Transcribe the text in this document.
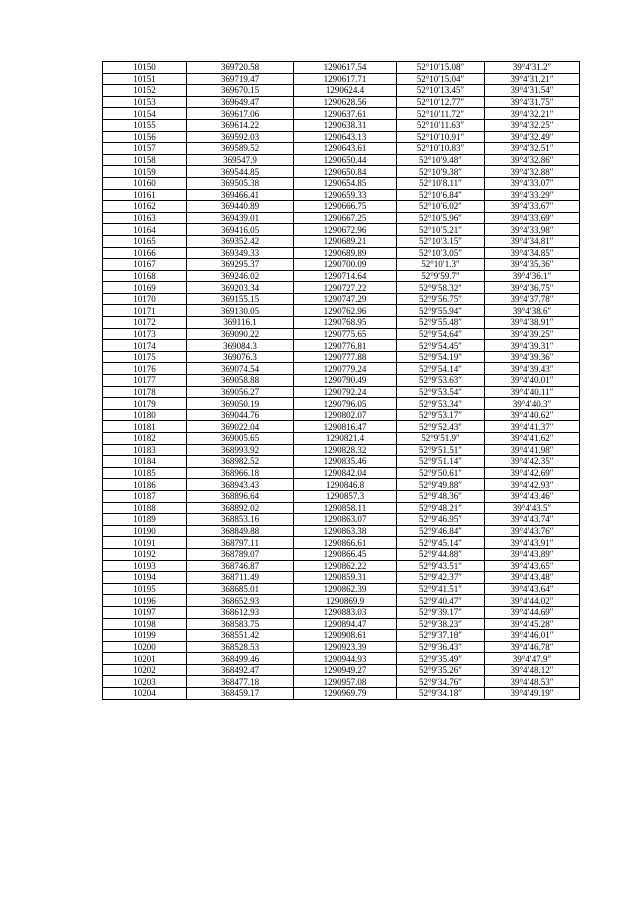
10150	369720.58	1290617.54	52°10′15.08″	39°4′31.2″
10151	369719.47	1290617.71	52°10′15.04″	39°4′31.21″
10152	369670.15	1290624.4	52°10′13.45″	39°4′31.54″
10153	369649.47	1290628.56	52°10′12.77″	39°4′31.75″
10154	369617.06	1290637.61	52°10′11.72″	39°4′32.21″
10155	369614.22	1290638.31	52°10′11.63″	39°4′32.25″
10156	369592.03	1290643.13	52°10′10.91″	39°4′32.49″
10157	369589.52	1290643.61	52°10′10.83″	39°4′32.51″
10158	369547.9	1290650.44	52°10′9.48″	39°4′32.86″
10159	369544.85	1290650.84	52°10′9.38″	39°4′32.88″
10160	369505.38	1290654.85	52°10′8.11″	39°4′33.07″
10161	369466.41	1290659.33	52°10′6.84″	39°4′33.29″
10162	369440.89	1290666.75	52°10′6.02″	39°4′33.67″
10163	369439.01	1290667.25	52°10′5.96″	39°4′33.69″
10164	369416.05	1290672.96	52°10′5.21″	39°4′33.98″
10165	369352.42	1290689.21	52°10′3.15″	39°4′34.81″
10166	369349.33	1290689.89	52°10′3.05″	39°4′34.85″
10167	369295.37	1290700.09	52°10′1.3″	39°4′35.36″
10168	369246.02	1290714.64	52°9′59.7″	39°4′36.1″
10169	369203.34	1290727.22	52°9′58.32″	39°4′36.75″
10170	369155.15	1290747.29	52°9′56.75″	39°4′37.78″
10171	369130.05	1290762.96	52°9′55.94″	39°4′38.6″
10172	369116.1	1290768.95	52°9′55.48″	39°4′38.91″
10173	369090.22	1290775.65	52°9′54.64″	39°4′39.25″
10174	369084.3	1290776.81	52°9′54.45″	39°4′39.31″
10175	369076.3	1290777.88	52°9′54.19″	39°4′39.36″
10176	369074.54	1290779.24	52°9′54.14″	39°4′39.43″
10177	369058.88	1290790.49	52°9′53.63″	39°4′40.01″
10178	369056.27	1290792.24	52°9′53.54″	39°4′40.11″
10179	369050.19	1290796.05	52°9′53.34″	39°4′40.3″
10180	369044.76	1290802.07	52°9′53.17″	39°4′40.62″
10181	369022.04	1290816.47	52°9′52.43″	39°4′41.37″
10182	369005.65	1290821.4	52°9′51.9″	39°4′41.62″
10183	368993.92	1290828.32	52°9′51.51″	39°4′41.98″
10184	368982.52	1290835.46	52°9′51.14″	39°4′42.35″
10185	368966.18	1290842.04	52°9′50.61″	39°4′42.69″
10186	368943.43	1290846.8	52°9′49.88″	39°4′42.93″
10187	368896.64	1290857.3	52°9′48.36″	39°4′43.46″
10188	368892.02	1290858.11	52°9′48.21″	39°4′43.5″
10189	368853.16	1290863.07	52°9′46.95″	39°4′43.74″
10190	368849.88	1290863.38	52°9′46.84″	39°4′43.76″
10191	368797.11	1290866.61	52°9′45.14″	39°4′43.91″
10192	368789.07	1290866.45	52°9′44.88″	39°4′43.89″
10193	368746.87	1290862.22	52°9′43.51″	39°4′43.65″
10194	368711.49	1290859.31	52°9′42.37″	39°4′43.48″
10195	368685.01	1290862.39	52°9′41.51″	39°4′43.64″
10196	368652.93	1290869.9	52°9′40.47″	39°4′44.02″
10197	368612.93	1290883.03	52°9′39.17″	39°4′44.69″
10198	368583.75	1290894.47	52°9′38.23″	39°4′45.28″
10199	368551.42	1290908.61	52°9′37.18″	39°4′46.01″
10200	368528.53	1290923.39	52°9′36.43″	39°4′46.78″
10201	368499.46	1290944.93	52°9′35.49″	39°4′47.9″
10202	368492.47	1290949.27	52°9′35.26″	39°4′48.12″
10203	368477.18	1290957.08	52°9′34.76″	39°4′48.53″
10204	368459.17	1290969.79	52°9′34.18″	39°4′49.19″
